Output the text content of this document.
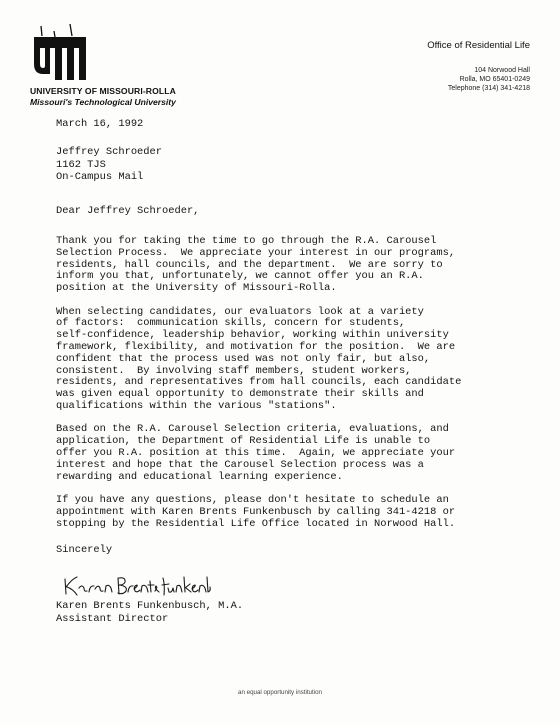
UNIVERSITY OF MISSOURI-ROLLA
Missouri's Technological University
Office of Residential Life
104 Norwood Hall
Rolla, MO 65401-0249
Telephone (314) 341-4218
March 16, 1992
Jeffrey Schroeder
1162 TJS
On-Campus Mail
Dear Jeffrey Schroeder,
Thank you for taking the time to go through the R.A. Carousel
Selection Process.  We appreciate your interest in our programs,
residents, hall councils, and the department.  We are sorry to
inform you that, unfortunately, we cannot offer you an R.A.
position at the University of Missouri-Rolla.
When selecting candidates, our evaluators look at a variety
of factors:  communication skills, concern for students,
self-confidence, leadership behavior, working within university
framework, flexibility, and motivation for the position.  We are
confident that the process used was not only fair, but also,
consistent.  By involving staff members, student workers,
residents, and representatives from hall councils, each candidate
was given equal opportunity to demonstrate their skills and
qualifications within the various "stations".
Based on the R.A. Carousel Selection criteria, evaluations, and
application, the Department of Residential Life is unable to
offer you R.A. position at this time.  Again, we appreciate your
interest and hope that the Carousel Selection process was a
rewarding and educational learning experience.
If you have any questions, please don't hesitate to schedule an
appointment with Karen Brents Funkenbusch by calling 341-4218 or
stopping by the Residential Life Office located in Norwood Hall.
Sincerely
Karen Brents Funkenbusch, M.A.
Assistant Director
an equal opportunity institution
